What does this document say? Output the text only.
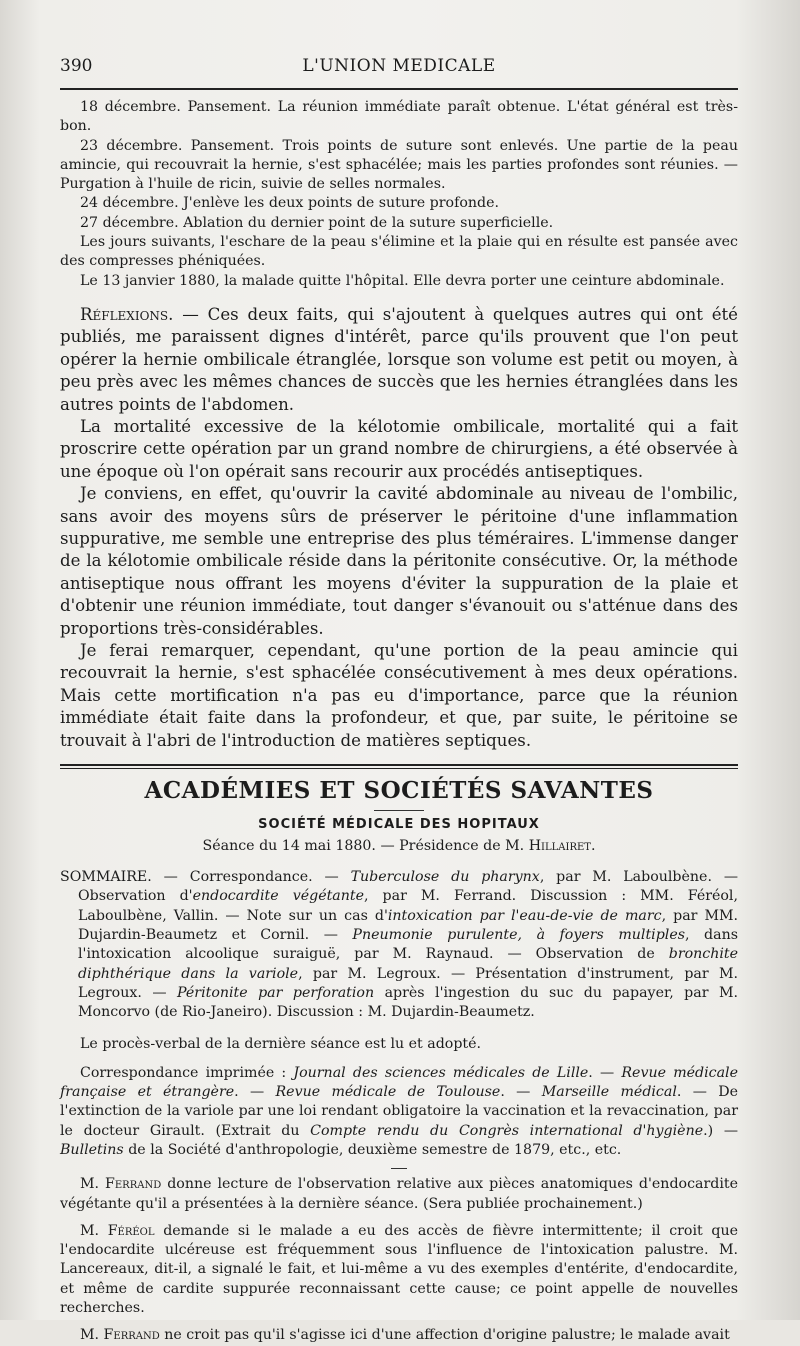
390	L'UNION MEDICALE

18 décembre. Pansement. La réunion immédiate paraît obtenue. L'état général est très-bon.

23 décembre. Pansement. Trois points de suture sont enlevés. Une partie de la peau amincie, qui recouvrait la hernie, s'est sphacélée; mais les parties profondes sont réunies. — Purgation à l'huile de ricin, suivie de selles normales.

24 décembre. J'enlève les deux points de suture profonde.

27 décembre. Ablation du dernier point de la suture superficielle.

Les jours suivants, l'eschare de la peau s'élimine et la plaie qui en résulte est pansée avec des compresses phéniquées.

Le 13 janvier 1880, la malade quitte l'hôpital. Elle devra porter une ceinture abdominale.

Réflexions. — Ces deux faits, qui s'ajoutent à quelques autres qui ont été publiés, me paraissent dignes d'intérêt, parce qu'ils prouvent que l'on peut opérer la hernie ombilicale étranglée, lorsque son volume est petit ou moyen, à peu près avec les mêmes chances de succès que les hernies étranglées dans les autres points de l'abdomen.

La mortalité excessive de la kélotomie ombilicale, mortalité qui a fait proscrire cette opération par un grand nombre de chirurgiens, a été observée à une époque où l'on opérait sans recourir aux procédés antiseptiques.

Je conviens, en effet, qu'ouvrir la cavité abdominale au niveau de l'ombilic, sans avoir des moyens sûrs de préserver le péritoine d'une inflammation suppurative, me semble une entreprise des plus téméraires. L'immense danger de la kélotomie ombilicale réside dans la péritonite consécutive. Or, la méthode antiseptique nous offrant les moyens d'éviter la suppuration de la plaie et d'obtenir une réunion immédiate, tout danger s'évanouit ou s'atténue dans des proportions très-considérables.

Je ferai remarquer, cependant, qu'une portion de la peau amincie qui recouvrait la hernie, s'est sphacélée consécutivement à mes deux opérations. Mais cette mortification n'a pas eu d'importance, parce que la réunion immédiate était faite dans la profondeur, et que, par suite, le péritoine se trouvait à l'abri de l'introduction de matières septiques.

ACADÉMIES ET SOCIÉTÉS SAVANTES
SOCIÉTÉ MÉDICALE DES HOPITAUX
Séance du 14 mai 1880. — Présidence de M. Hillairet.

SOMMAIRE. — Correspondance. — Tuberculose du pharynx, par M. Laboulbène. — Observation d'endocardite végétante, par M. Ferrand. Discussion : MM. Féréol, Laboulbène, Vallin. — Note sur un cas d'intoxication par l'eau-de-vie de marc, par MM. Dujardin-Beaumetz et Cornil. — Pneumonie purulente, à foyers multiples, dans l'intoxication alcoolique suraiguë, par M. Raynaud. — Observation de bronchite diphthérique dans la variole, par M. Legroux. — Présentation d'instrument, par M. Legroux. — Péritonite par perforation après l'ingestion du suc du papayer, par M. Moncorvo (de Rio-Janeiro). Discussion : M. Dujardin-Beaumetz.

Le procès-verbal de la dernière séance est lu et adopté.

Correspondance imprimée : Journal des sciences médicales de Lille. — Revue médicale française et étrangère. — Revue médicale de Toulouse. — Marseille médical. — De l'extinction de la variole par une loi rendant obligatoire la vaccination et la revaccination, par le docteur Girault. (Extrait du Compte rendu du Congrès international d'hygiène.) — Bulletins de la Société d'anthropologie, deuxième semestre de 1879, etc., etc.

M. Ferrand donne lecture de l'observation relative aux pièces anatomiques d'endocardite végétante qu'il a présentées à la dernière séance. (Sera publiée prochainement.)

M. Féréol demande si le malade a eu des accès de fièvre intermittente; il croit que l'endocardite ulcéreuse est fréquemment sous l'influence de l'intoxication palustre. M. Lancereaux, dit-il, a signalé le fait, et lui-même a vu des exemples d'entérite, d'endocardite, et même de cardite suppurée reconnaissant cette cause; ce point appelle de nouvelles recherches.

M. Ferrand ne croit pas qu'il s'agisse ici d'une affection d'origine palustre; le malade avait
